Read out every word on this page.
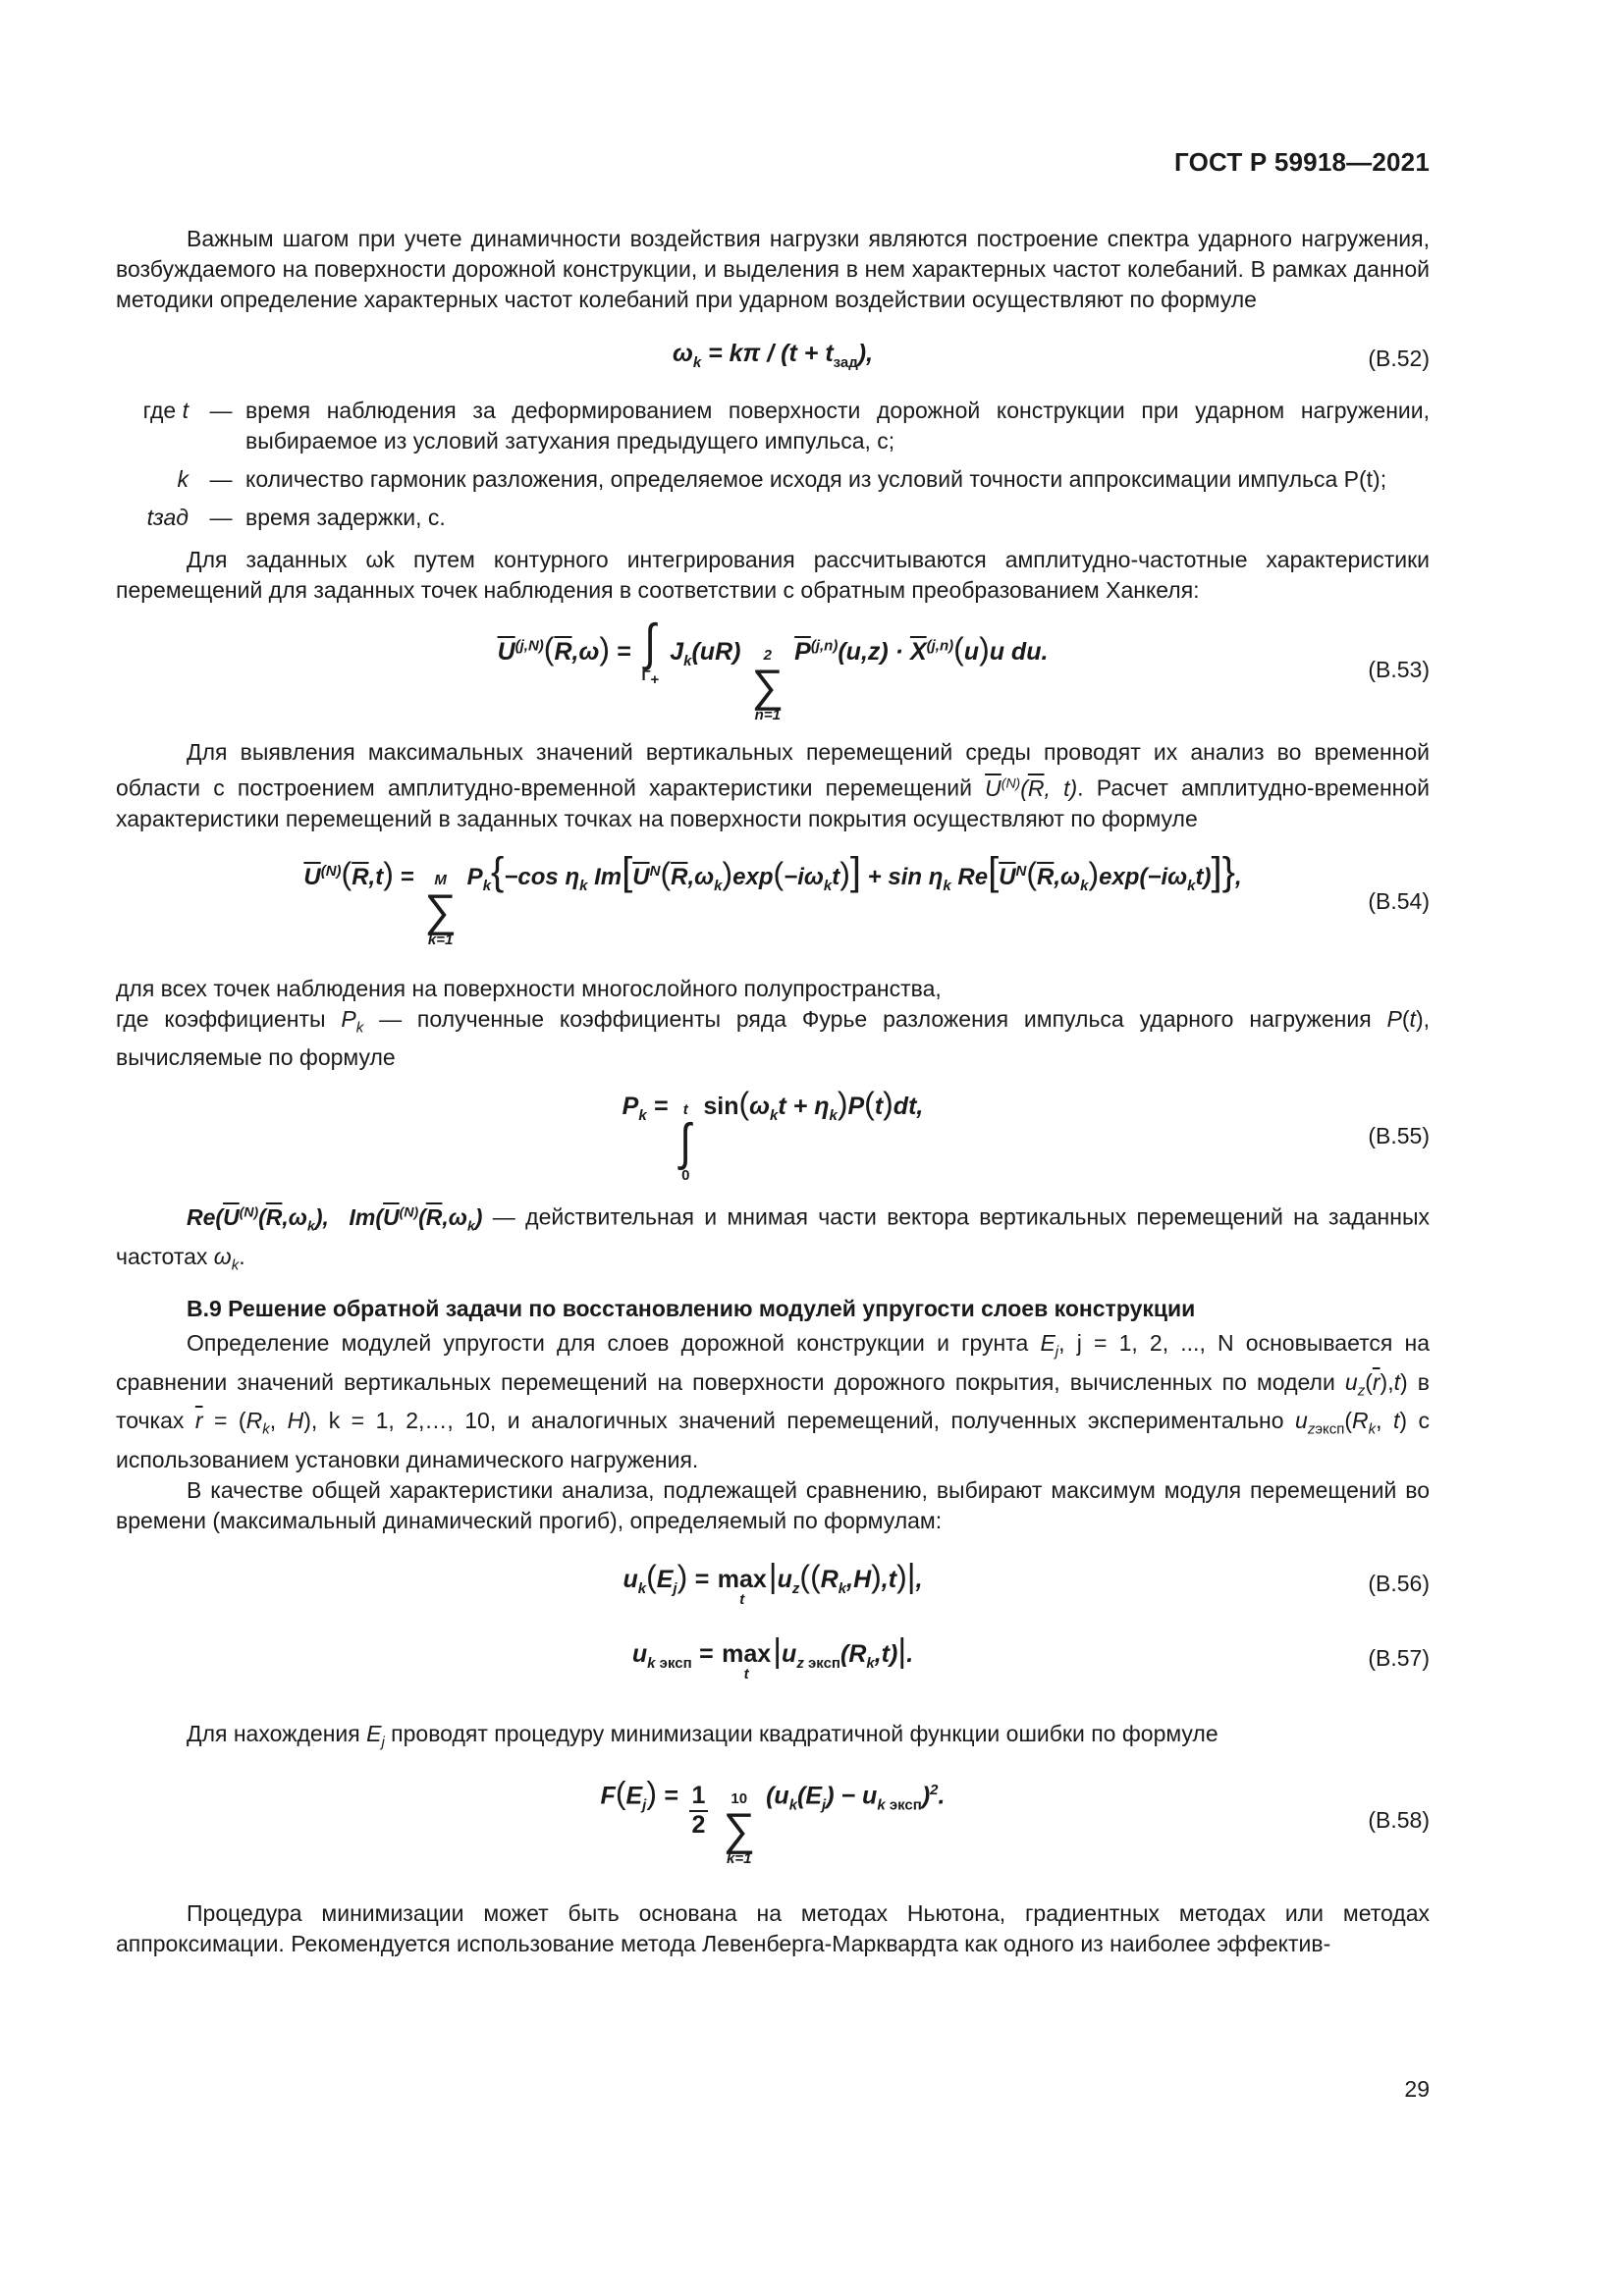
ГОСТ Р 59918—2021

Важным шагом при учете динамичности воздействия нагрузки являются построение спектра ударного нагружения, возбуждаемого на поверхности дорожной конструкции, и выделения в нем характерных частот колебаний. В рамках данной методики определение характерных частот колебаний при ударном воздействии осуществляют по формуле

$\omega_k = k\pi / (t + t_{зад})$,	(В.52)
где t — время наблюдения за деформированием поверхности дорожной конструкции при ударном нагружении, выбираемое из условий затухания предыдущего импульса, с;
k — количество гармоник разложения, определяемое исходя из условий точности аппроксимации импульса P(t);
tзад — время задержки, с.

Для заданных ωk путем контурного интегрирования рассчитываются амплитудно-частотные характеристики перемещений для заданных точек наблюдения в соответствии с обратным преобразованием Ханкеля:

$\overline{U}^{(j,N)}(\overline{R},\omega)$ = ∫
$\Gamma_+$
$J_k(uR)$ 2
∑
n=1
$\overline{P}^{(j,n)}(u,z) \cdot \overline{X}^{(j,n)}(u)u$ du.
(В.53)

Для выявления максимальных значений вертикальных перемещений среды проводят их анализ во временной области с построением амплитудно-временной характеристики перемещений $\overline{U}^{(N)}(\overline{R}$, t). Расчет амплитудно-временной характеристики перемещений в заданных точках на поверхности покрытия осуществляют по формуле

$\overline{U}^{(N)}(\overline{R},t) = M$
∑
k=1
$P_k\{-\cos$ $\eta_k$ $Im[\overline{U}^N(\overline{R},\omega_k)\exp(-i\omega_kt)] + \sin \eta_k$ $Re[\overline{U}^N(\overline{R},\omega_k)\exp(-i\omega_kt)]$},
(В.54)

для всех точек наблюдения на поверхности многослойного полупространства,

где коэффициенты $P_k$ — полученные коэффициенты ряда Фурье разложения импульса ударного нагружения P(t), вычисляемые по формуле

$P_k = t$
∫
0
$\sin(\omega_kt + \eta_k)P(t)dt$,
(В.55)

$Re(\overline{U}^{(N)}(\overline{R},\omega_k)$,  $Im(\overline{U}^{(N)}(\overline{R},\omega_k)$ — действительная и мнимая части вектора вертикальных перемещений на заданных частотах $\omega_k$.

В.9 Решение обратной задачи по восстановлению модулей упругости слоев конструкции

Определение модулей упругости для слоев дорожной конструкции и грунта $E_j$, j = 1, 2, ..., N основывается на сравнении значений вертикальных перемещений на поверхности дорожного покрытия, вычисленных по модели $u_z(\overline{r}),t$) в точках $\overline{r} = (R_k$, H), k = 1, 2,…, 10, и аналогичных значений перемещений, полученных экспериментально $u_{zэксп}(R_k$, t) с использованием установки динамического нагружения.

В качестве общей характеристики анализа, подлежащей сравнению, выбирают максимум модуля перемещений во времени (максимальный динамический прогиб), определяемый по формулам:

$u_k(E_j) = \max$
t
$|u_z((R_k,H),t)|$,	(В.56)
$u_{k эксп} = \max$
t
$|u_{z эксп}(R_k,t)|$.	(В.57)

Для нахождения $E_j$ проводят процедуру минимизации квадратичной функции ошибки по формуле

$F(E_j) = \frac{1}{2}$
10
∑
k=1
$(u_k(E_j) - u_{k эксп})^2$.
(В.58)

Процедура минимизации может быть основана на методах Ньютона, градиентных методах или методах аппроксимации. Рекомендуется использование метода Левенберга-Марквардта как одного из наиболее эффектив-

29
